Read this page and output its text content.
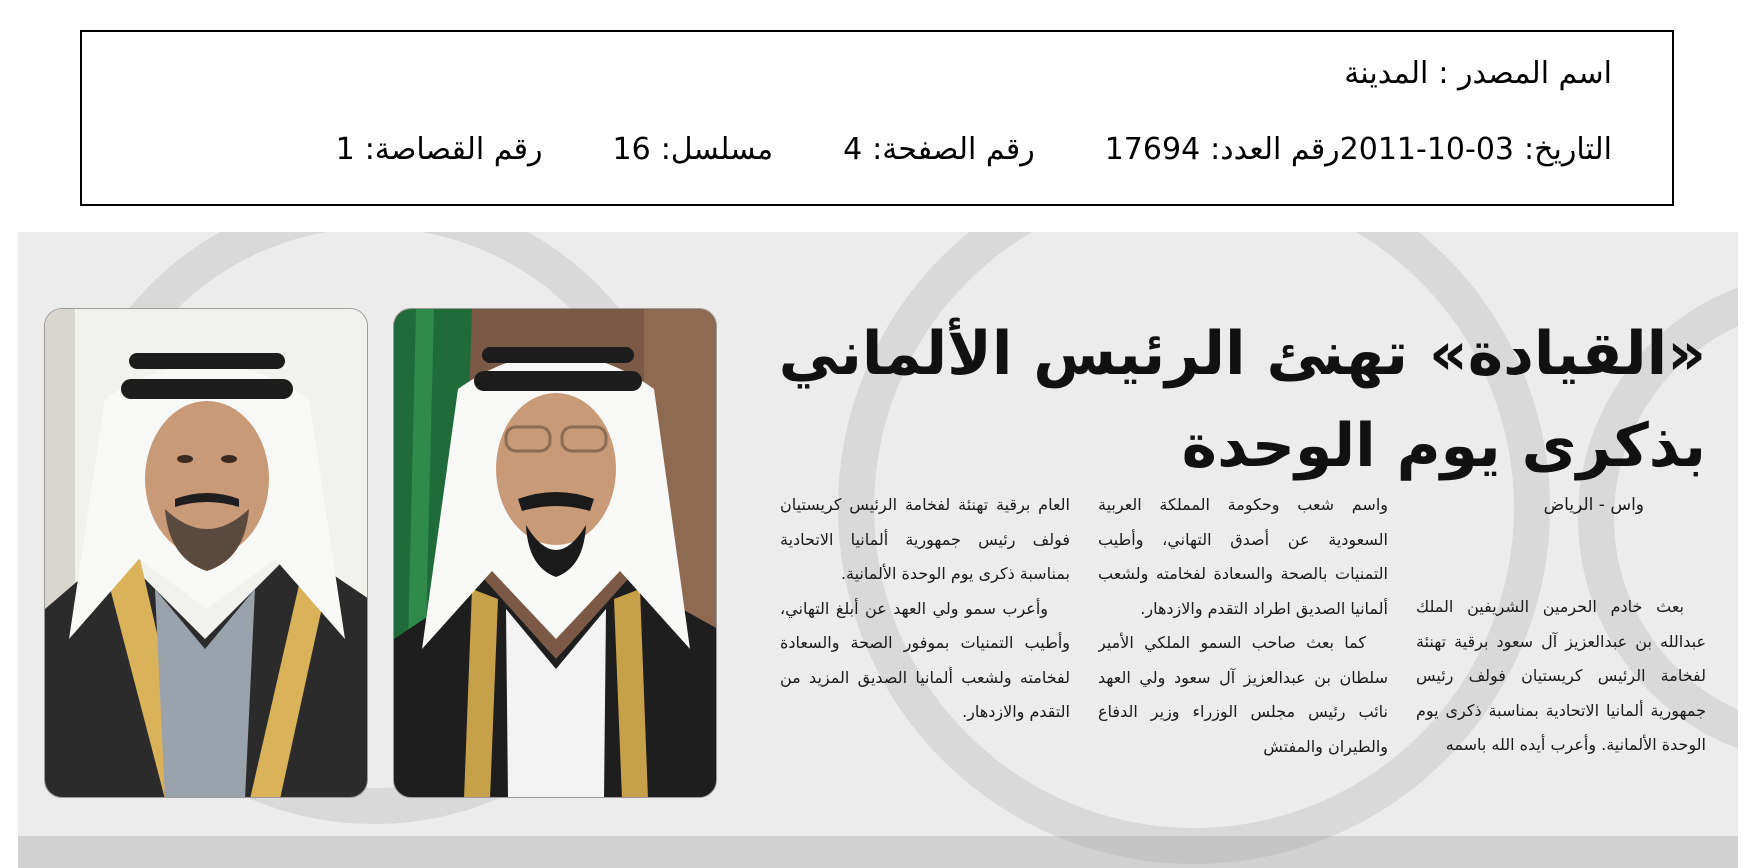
اسم المصدر :
المدينة
التاريخ:
2011-10-03
رقم العدد:
17694
رقم الصفحة:
4
مسلسل:
16
رقم القصاصة:
1
«القيادة» تهنئ الرئيس الألماني
بذكرى يوم الوحدة
واس - الرياض

بعث خادم الحرمين الشريفين الملك عبدالله بن عبدالعزيز آل سعود برقية تهنئة لفخامة الرئيس كريستيان فولف رئيس جمهورية ألمانيا الاتحادية بمناسبة ذكرى يوم الوحدة الألمانية. وأعرب أيده الله باسمه

واسم شعب وحكومة المملكة العربية السعودية عن أصدق التهاني، وأطيب التمنيات بالصحة والسعادة لفخامته ولشعب ألمانيا الصديق اطراد التقدم والازدهار.

كما بعث صاحب السمو الملكي الأمير سلطان بن عبدالعزيز آل سعود ولي العهد نائب رئيس مجلس الوزراء وزير الدفاع والطيران والمفتش

العام برقية تهنئة لفخامة الرئيس كريستيان فولف رئيس جمهورية ألمانيا الاتحادية بمناسبة ذكرى يوم الوحدة الألمانية.

وأعرب سمو ولي العهد عن أبلغ التهاني، وأطيب التمنيات بموفور الصحة والسعادة لفخامته ولشعب ألمانيا الصديق المزيد من التقدم والازدهار.
